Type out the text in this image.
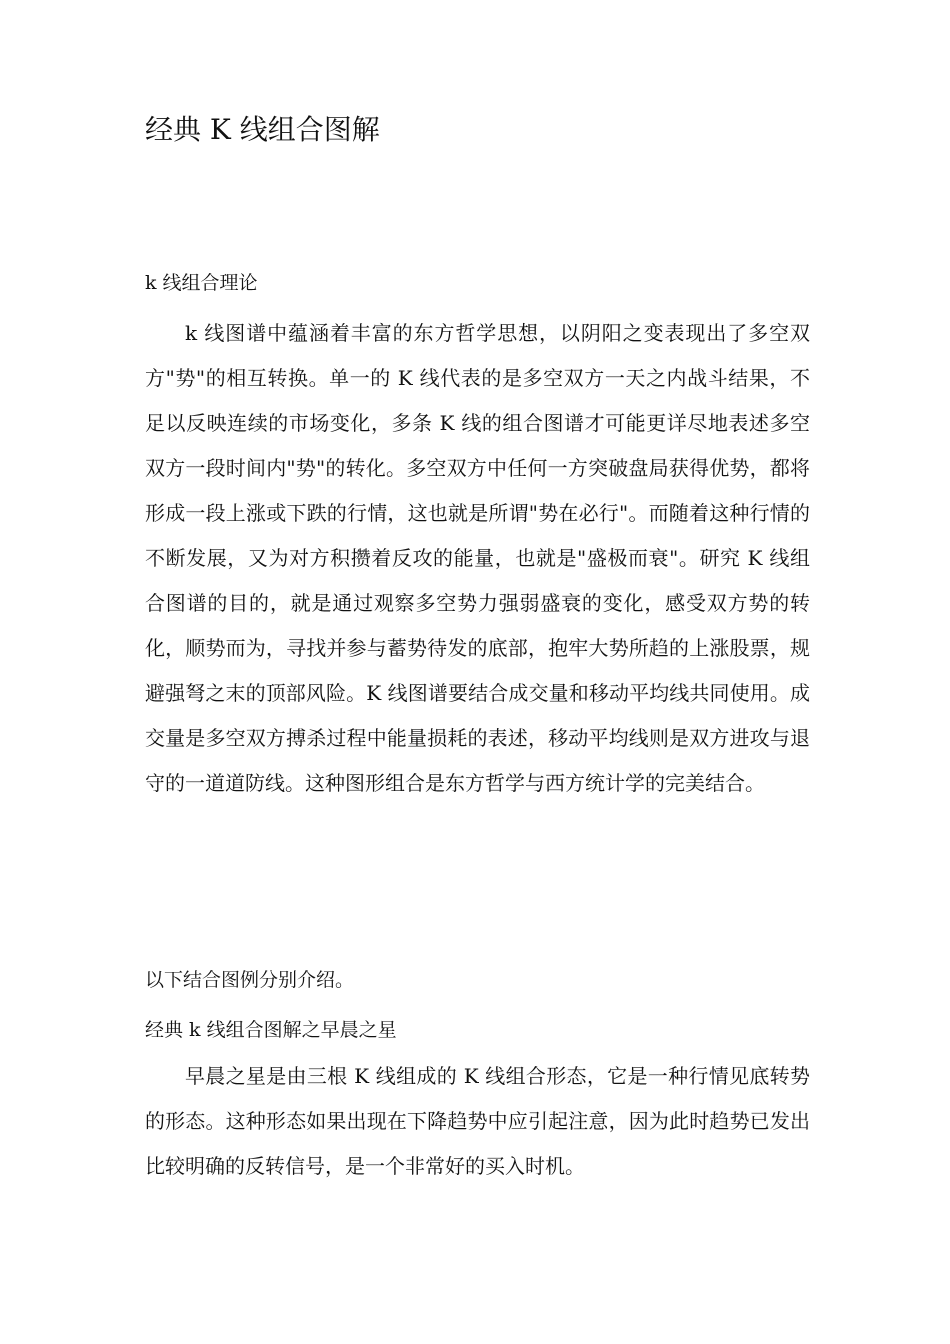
经典 K 线组合图解
k 线组合理论

k 线图谱中蕴涵着丰富的东方哲学思想，以阴阳之变表现出了多空双方"势"的相互转换。单一的 K 线代表的是多空双方一天之内战斗结果，不足以反映连续的市场变化，多条 K 线的组合图谱才可能更详尽地表述多空双方一段时间内"势"的转化。多空双方中任何一方突破盘局获得优势，都将形成一段上涨或下跌的行情，这也就是所谓"势在必行"。而随着这种行情的不断发展，又为对方积攒着反攻的能量，也就是"盛极而衰"。研究 K 线组合图谱的目的，就是通过观察多空势力强弱盛衰的变化，感受双方势的转化，顺势而为，寻找并参与蓄势待发的底部，抱牢大势所趋的上涨股票，规避强弩之末的顶部风险。K 线图谱要结合成交量和移动平均线共同使用。成交量是多空双方搏杀过程中能量损耗的表述，移动平均线则是双方进攻与退守的一道道防线。这种图形组合是东方哲学与西方统计学的完美结合。

以下结合图例分别介绍。

经典 k 线组合图解之早晨之星

早晨之星是由三根 K 线组成的 K 线组合形态，它是一种行情见底转势的形态。这种形态如果出现在下降趋势中应引起注意，因为此时趋势已发出比较明确的反转信号，是一个非常好的买入时机。
